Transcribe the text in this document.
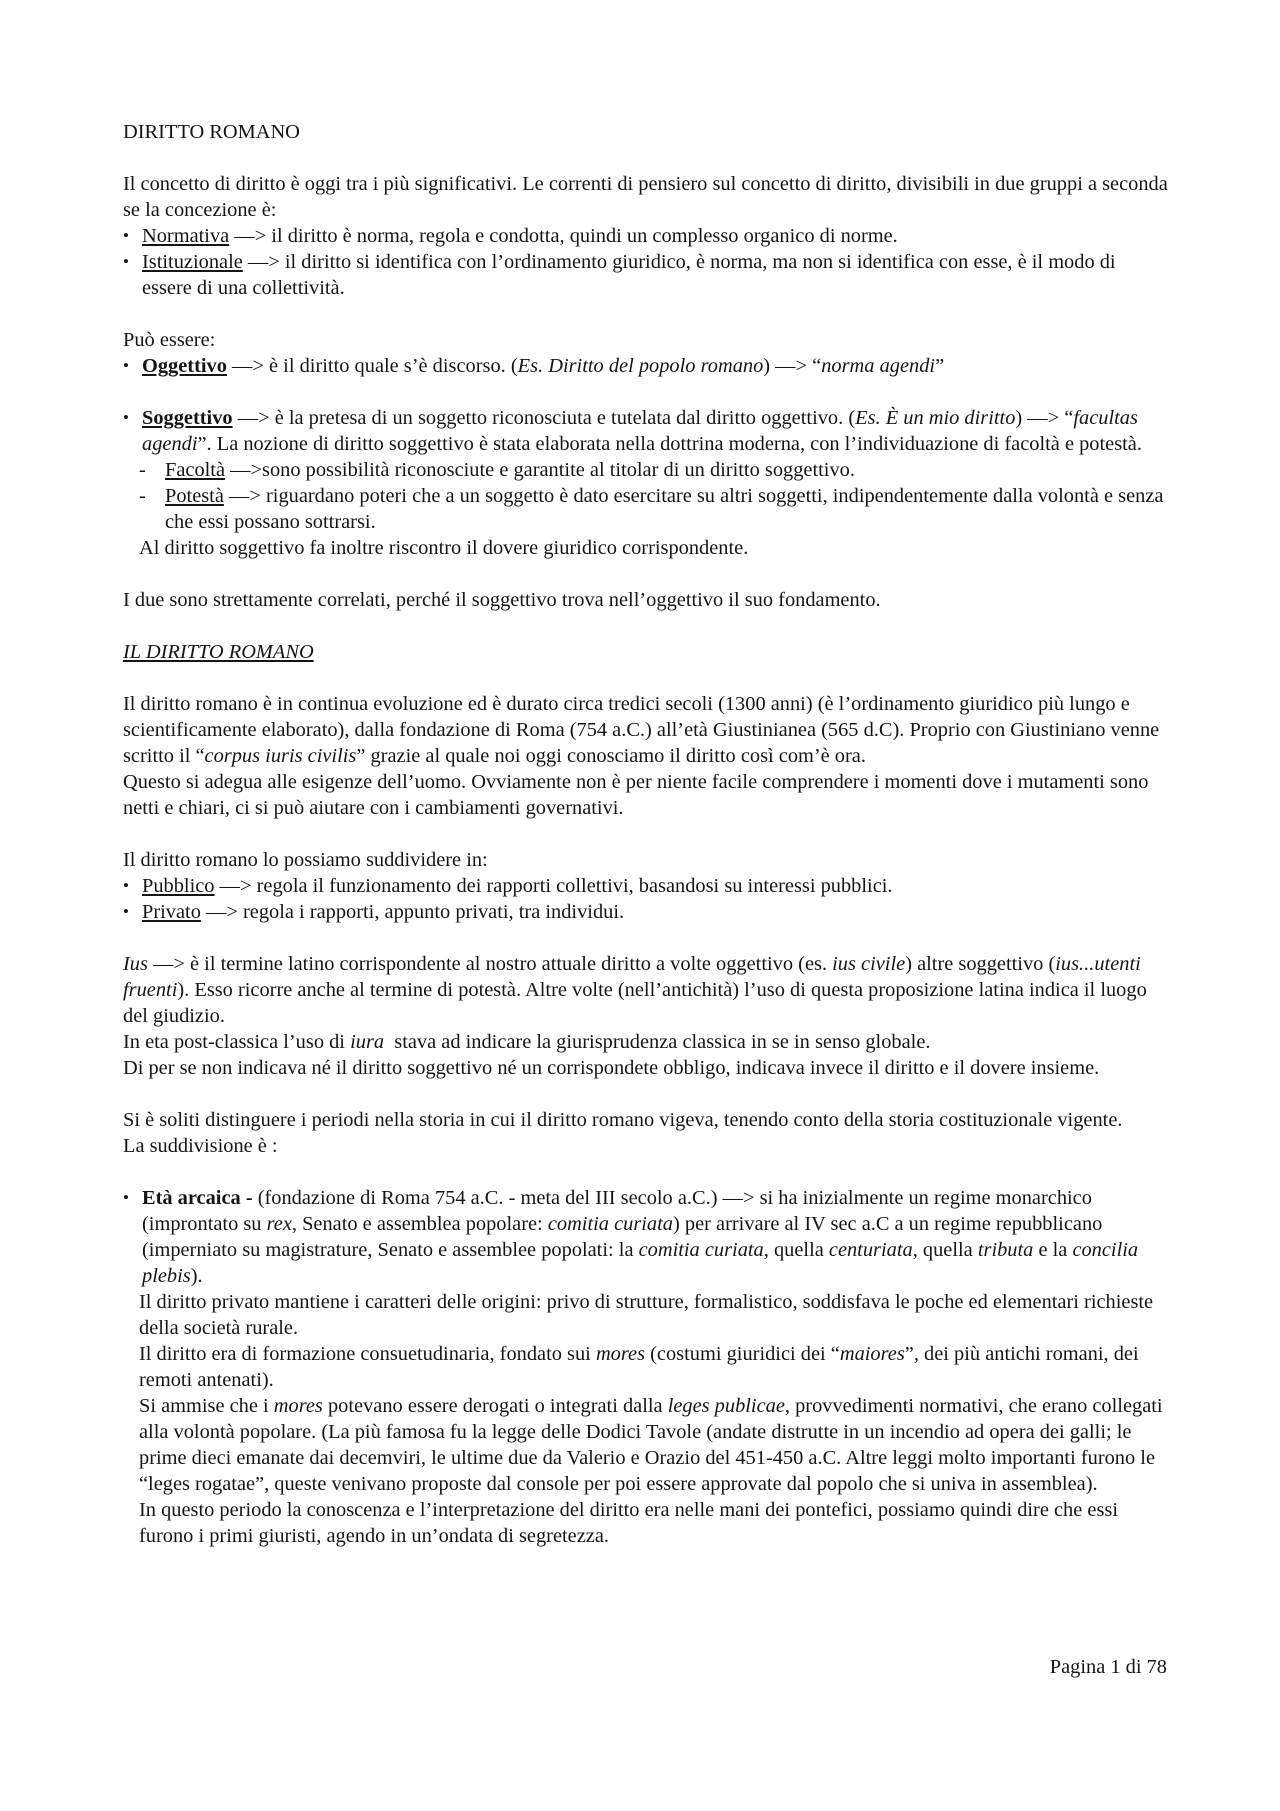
DIRITTO ROMANO

Il concetto di diritto è oggi tra i più significativi. Le correnti di pensiero sul concetto di diritto, divisibili in due gruppi a seconda se la concezione è:

• Normativa —> il diritto è norma, regola e condotta, quindi un complesso organico di norme.

• Istituzionale —> il diritto si identifica con l’ordinamento giuridico, è norma, ma non si identifica con esse, è il modo di essere di una collettività.

Può essere:

• Oggettivo —> è il diritto quale s’è discorso. (Es. Diritto del popolo romano) —> “norma agendi”

• Soggettivo —> è la pretesa di un soggetto riconosciuta e tutelata dal diritto oggettivo. (Es. È un mio diritto) —> “facultas agendi”. La nozione di diritto soggettivo è stata elaborata nella dottrina moderna, con l’individuazione di facoltà e potestà.

- Facoltà —>sono possibilità riconosciute e garantite al titolar di un diritto soggettivo.

- Potestà —> riguardano poteri che a un soggetto è dato esercitare su altri soggetti, indipendentemente dalla volontà e senza che essi possano sottrarsi.

Al diritto soggettivo fa inoltre riscontro il dovere giuridico corrispondente.

I due sono strettamente correlati, perché il soggettivo trova nell’oggettivo il suo fondamento.

IL DIRITTO ROMANO

Il diritto romano è in continua evoluzione ed è durato circa tredici secoli (1300 anni) (è l’ordinamento giuridico più lungo e scientificamente elaborato), dalla fondazione di Roma (754 a.C.) all’età Giustinianea (565 d.C). Proprio con Giustiniano venne scritto il “corpus iuris civilis” grazie al quale noi oggi conosciamo il diritto così com’è ora.

Questo si adegua alle esigenze dell’uomo. Ovviamente non è per niente facile comprendere i momenti dove i mutamenti sono netti e chiari, ci si può aiutare con i cambiamenti governativi.

Il diritto romano lo possiamo suddividere in:

• Pubblico —> regola il funzionamento dei rapporti collettivi, basandosi su interessi pubblici.

• Privato —> regola i rapporti, appunto privati, tra individui.

Ius —> è il termine latino corrispondente al nostro attuale diritto a volte oggettivo (es. ius civile) altre soggettivo (ius...utenti fruenti). Esso ricorre anche al termine di potestà. Altre volte (nell’antichità) l’uso di questa proposizione latina indica il luogo del giudizio.

In eta post-classica l’uso di iura  stava ad indicare la giurisprudenza classica in se in senso globale.

Di per se non indicava né il diritto soggettivo né un corrispondete obbligo, indicava invece il diritto e il dovere insieme.

Si è soliti distinguere i periodi nella storia in cui il diritto romano vigeva, tenendo conto della storia costituzionale vigente.

La suddivisione è :

• Età arcaica - (fondazione di Roma 754 a.C. - meta del III secolo a.C.) —> si ha inizialmente un regime monarchico (improntato su rex, Senato e assemblea popolare: comitia curiata) per arrivare al IV sec a.C a un regime repubblicano (imperniato su magistrature, Senato e assemblee popolati: la comitia curiata, quella centuriata, quella tributa e la concilia plebis).

Il diritto privato mantiene i caratteri delle origini: privo di strutture, formalistico, soddisfava le poche ed elementari richieste della società rurale.

Il diritto era di formazione consuetudinaria, fondato sui mores (costumi giuridici dei “maiores”, dei più antichi romani, dei remoti antenati).

Si ammise che i mores potevano essere derogati o integrati dalla leges publicae, provvedimenti normativi, che erano collegati alla volontà popolare. (La più famosa fu la legge delle Dodici Tavole (andate distrutte in un incendio ad opera dei galli; le prime dieci emanate dai decemviri, le ultime due da Valerio e Orazio del 451-450 a.C. Altre leggi molto importanti furono le “leges rogatae”, queste venivano proposte dal console per poi essere approvate dal popolo che si univa in assemblea).

In questo periodo la conoscenza e l’interpretazione del diritto era nelle mani dei pontefici, possiamo quindi dire che essi furono i primi giuristi, agendo in un’ondata di segretezza.

Pagina 1 di 78
